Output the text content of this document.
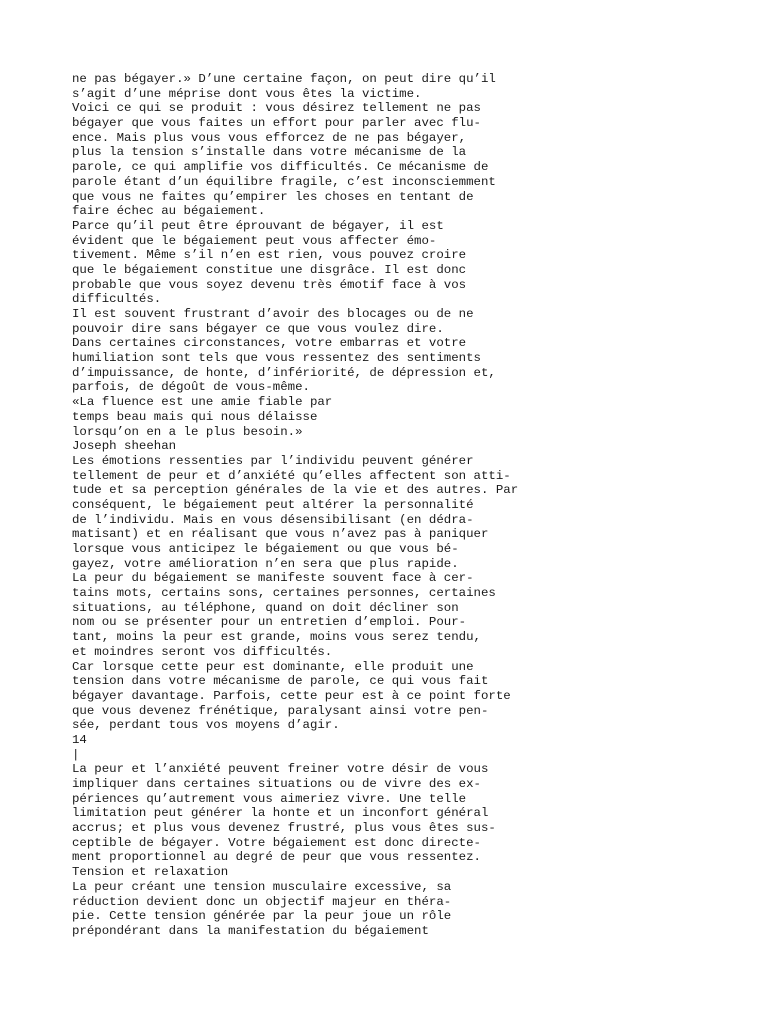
ne pas bégayer.» D’une certaine façon, on peut dire qu’il
s’agit d’une méprise dont vous êtes la victime.
Voici ce qui se produit : vous désirez tellement ne pas
bégayer que vous faites un effort pour parler avec flu-
ence. Mais plus vous vous efforcez de ne pas bégayer,
plus la tension s’installe dans votre mécanisme de la
parole, ce qui amplifie vos difficultés. Ce mécanisme de
parole étant d’un équilibre fragile, c’est inconsciemment
que vous ne faites qu’empirer les choses en tentant de
faire échec au bégaiement.
Parce qu’il peut être éprouvant de bégayer, il est
évident que le bégaiement peut vous affecter émo-
tivement. Même s’il n’en est rien, vous pouvez croire
que le bégaiement constitue une disgrâce. Il est donc
probable que vous soyez devenu très émotif face à vos
difficultés.
Il est souvent frustrant d’avoir des blocages ou de ne
pouvoir dire sans bégayer ce que vous voulez dire.
Dans certaines circonstances, votre embarras et votre
humiliation sont tels que vous ressentez des sentiments
d’impuissance, de honte, d’infériorité, de dépression et,
parfois, de dégoût de vous-même.
«La fluence est une amie fiable par
temps beau mais qui nous délaisse
lorsqu’on en a le plus besoin.»
Joseph sheehan
Les émotions ressenties par l’individu peuvent générer
tellement de peur et d’anxiété qu’elles affectent son atti-
tude et sa perception générales de la vie et des autres. Par
conséquent, le bégaiement peut altérer la personnalité
de l’individu. Mais en vous désensibilisant (en dédra-
matisant) et en réalisant que vous n’avez pas à paniquer
lorsque vous anticipez le bégaiement ou que vous bé-
gayez, votre amélioration n’en sera que plus rapide.
La peur du bégaiement se manifeste souvent face à cer-
tains mots, certains sons, certaines personnes, certaines
situations, au téléphone, quand on doit décliner son
nom ou se présenter pour un entretien d’emploi. Pour-
tant, moins la peur est grande, moins vous serez tendu,
et moindres seront vos difficultés.
Car lorsque cette peur est dominante, elle produit une
tension dans votre mécanisme de parole, ce qui vous fait
bégayer davantage. Parfois, cette peur est à ce point forte
que vous devenez frénétique, paralysant ainsi votre pen-
sée, perdant tous vos moyens d’agir.
14
|
La peur et l’anxiété peuvent freiner votre désir de vous
impliquer dans certaines situations ou de vivre des ex-
périences qu’autrement vous aimeriez vivre. Une telle
limitation peut générer la honte et un inconfort général
accrus; et plus vous devenez frustré, plus vous êtes sus-
ceptible de bégayer. Votre bégaiement est donc directe-
ment proportionnel au degré de peur que vous ressentez.
Tension et relaxation
La peur créant une tension musculaire excessive, sa
réduction devient donc un objectif majeur en théra-
pie. Cette tension générée par la peur joue un rôle
prépondérant dans la manifestation du bégaiement
